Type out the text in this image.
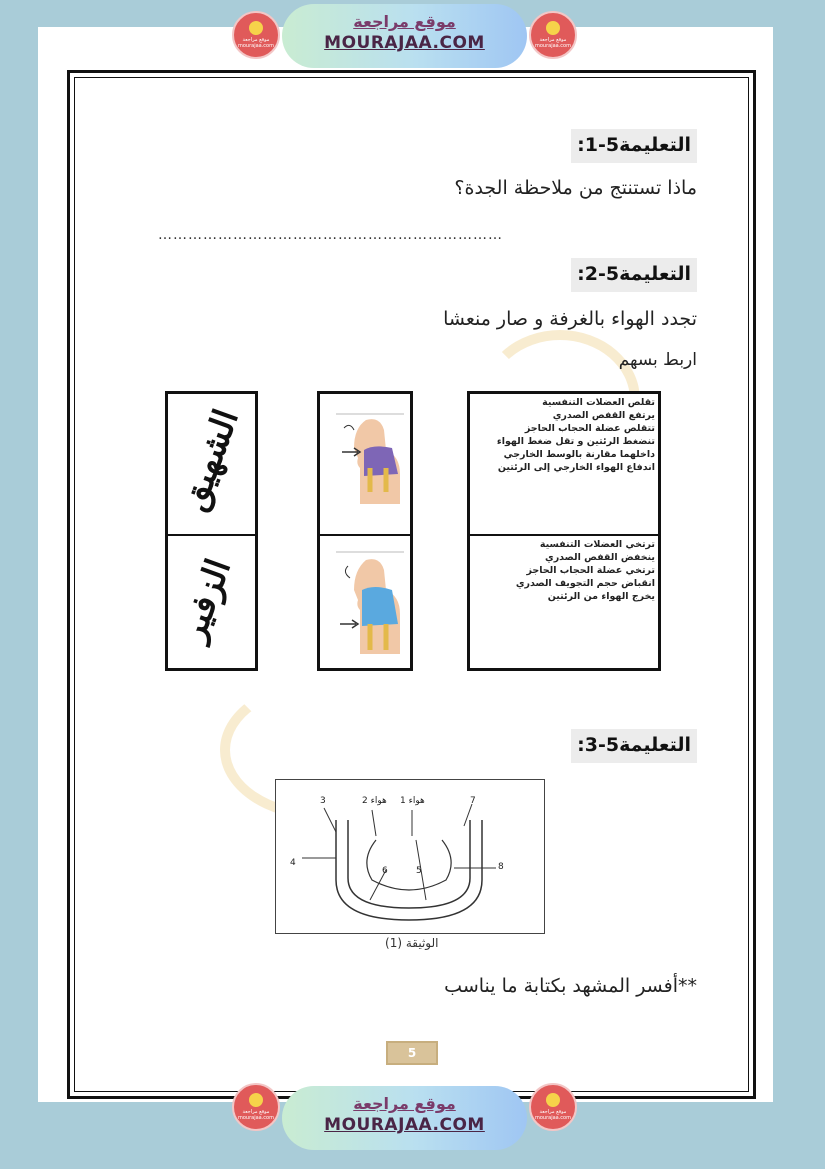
موقع مراجعة
mourajaa.com
موقع مراجعة
MOURAJAA.COM	موقع مراجعة
mourajaa.com
التعليمة5-1:
ماذا تستنتج من ملاحظة الجدة؟
……………………………………………………………
التعليمة5-2:
تجدد الهواء بالغرفة و صار منعشا
اربط بسهم
الشهيق
الزفير
تقلص العضلات التنفسية
يرتفع القفص الصدري
تتقلص عضلة الحجاب الحاجز
تنضغط الرئتين و تقل ضغط الهواء
داخلهما مقارنة بالوسط الخارجي
اندفاع الهواء الخارجي إلى الرئتين
ترتخي العضلات التنفسية
ينخفض القفص الصدري
ترتخي عضلة الحجاب الحاجز
انقباض حجم التجويف الصدري
يخرج الهواء من الرئتين
التعليمة5-3:
3	هواء 2 هواء 1	7
4
6	5	8
الوثيقة (1)
**أفسر المشهد بكتابة ما يناسب
5
موقع مراجعة
mourajaa.com
موقع مراجعة
MOURAJAA.COM
موقع مراجعة
mourajaa.com
